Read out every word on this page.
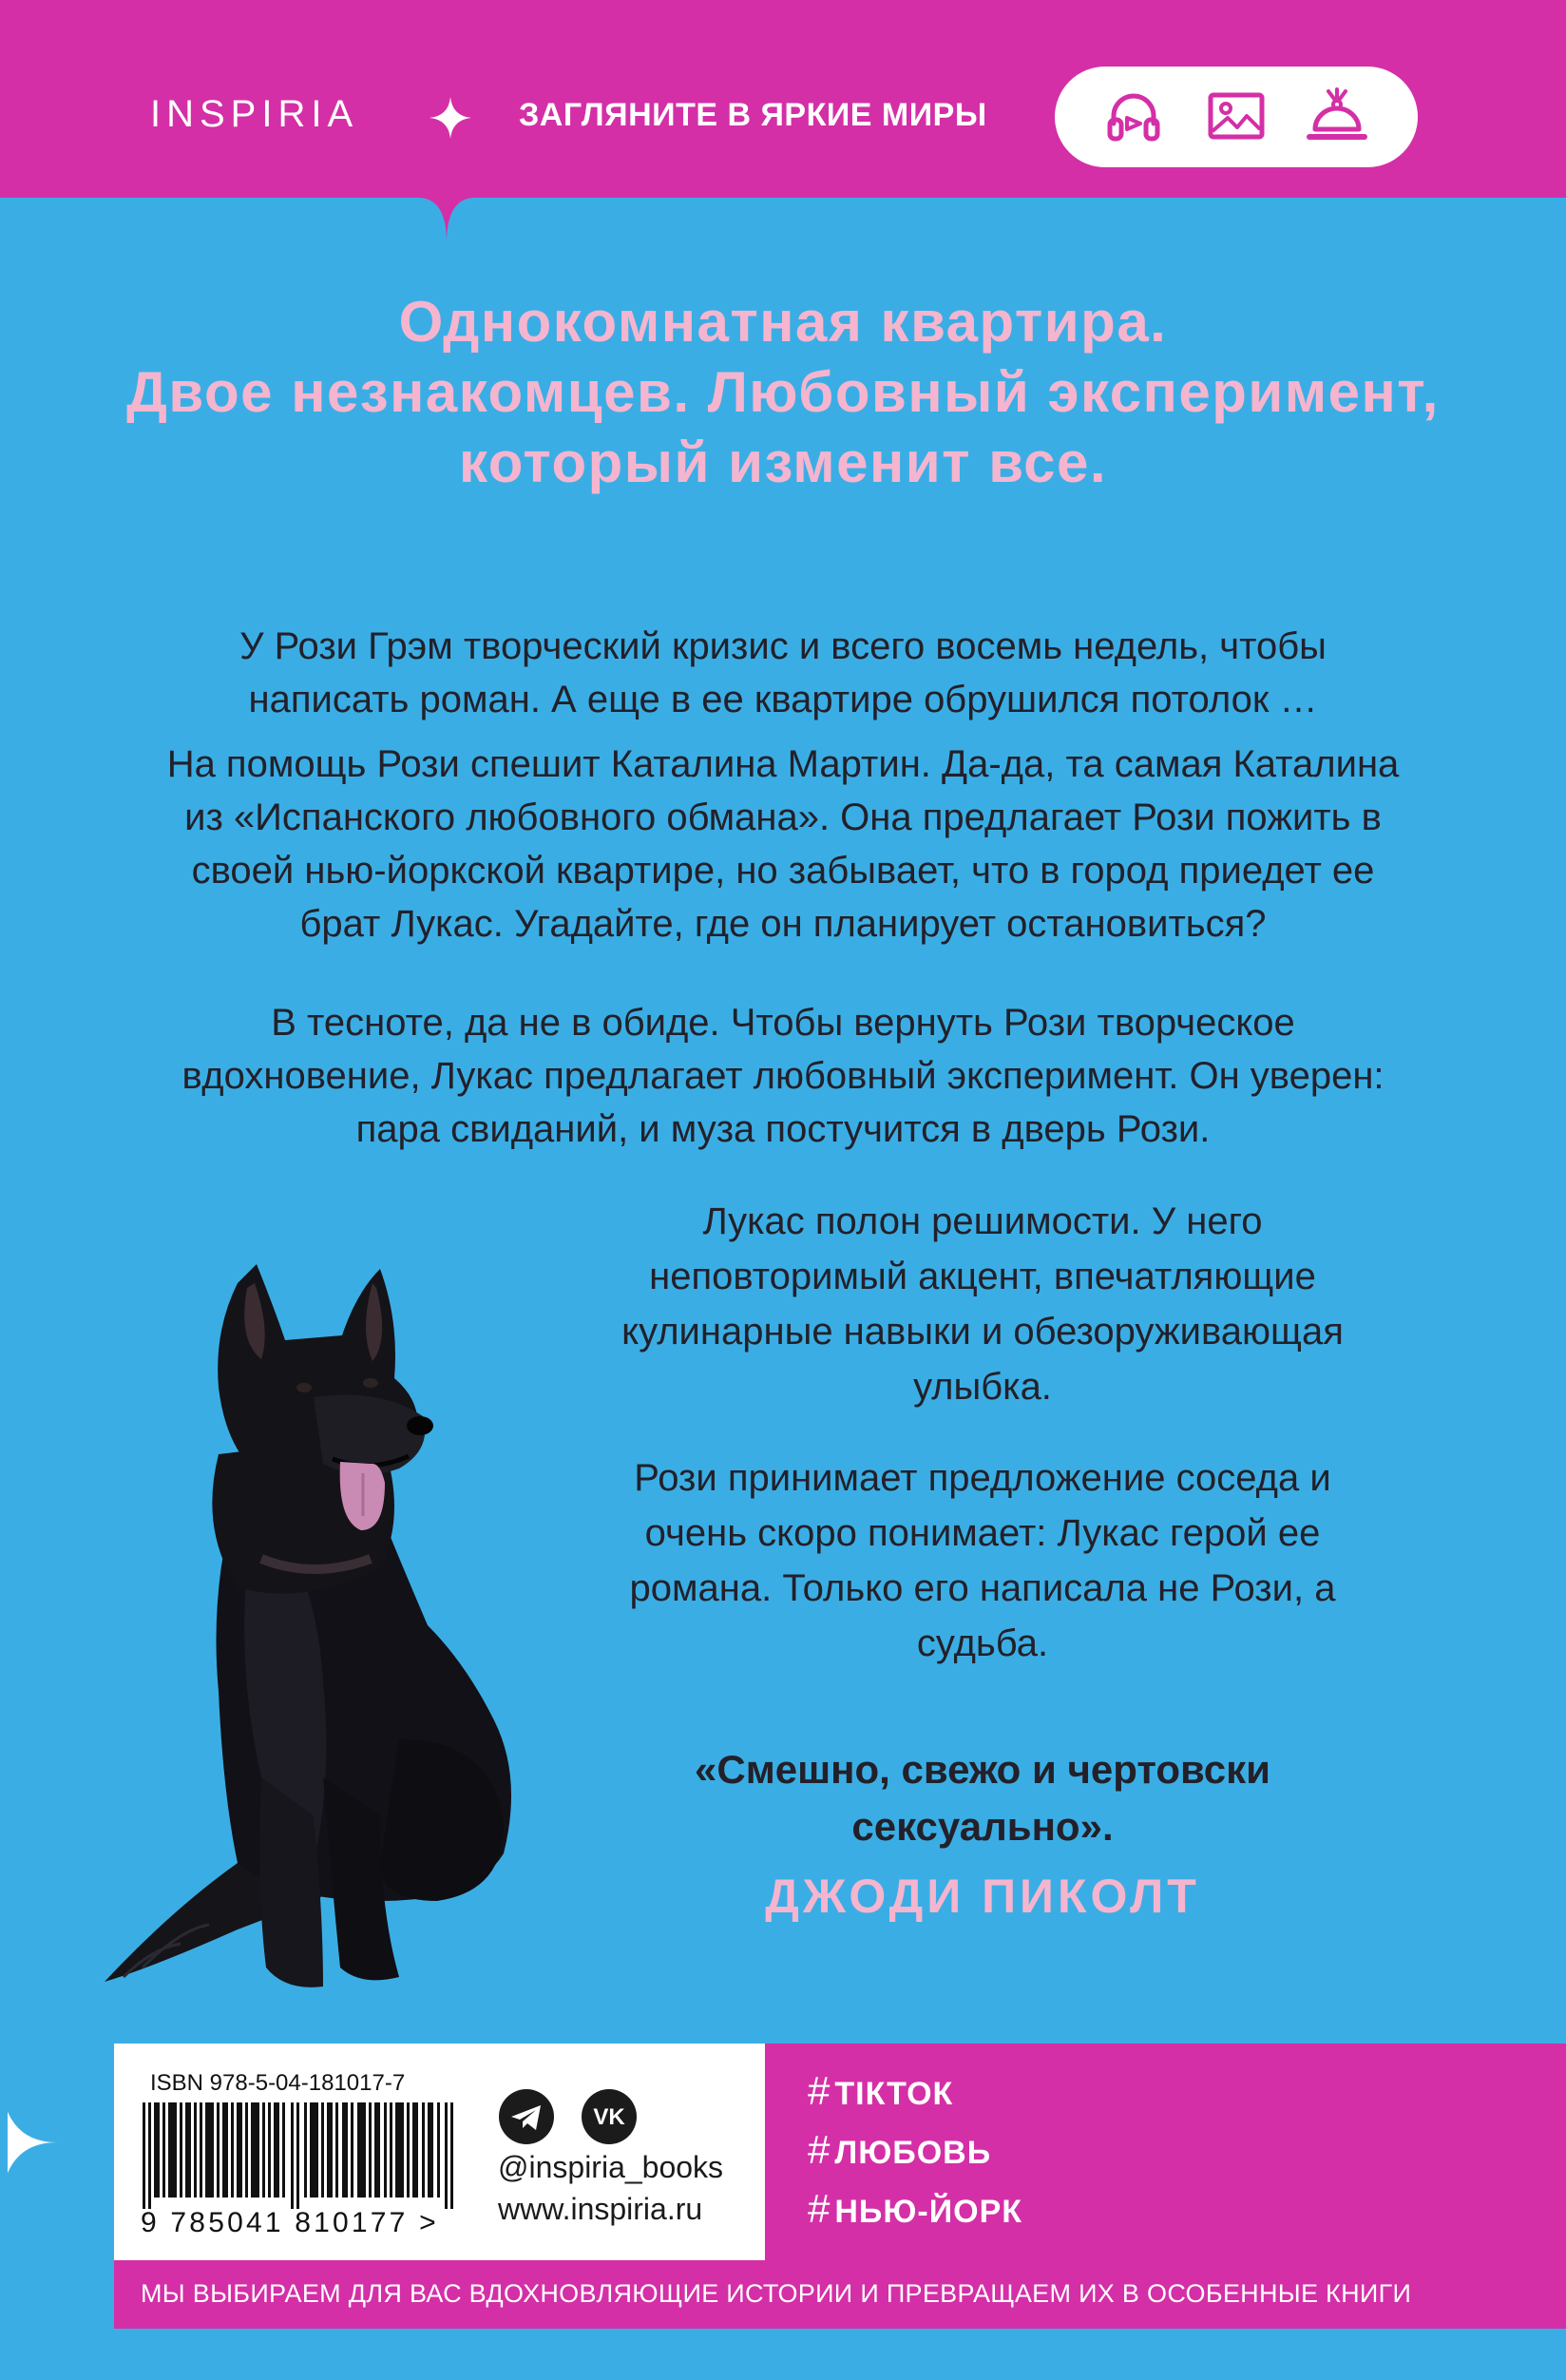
INSPIRIA	ЗАГЛЯНИТЕ В ЯРКИЕ МИРЫ
Однокомнатная квартира.
Двое незнакомцев. Любовный эксперимент,
который изменит все.
У Рози Грэм творческий кризис и всего восемь недель, чтобы
написать роман. А еще в ее квартире обрушился потолок …
На помощь Рози спешит Каталина Мартин. Да-да, та самая Каталина
из «Испанского любовного обмана». Она предлагает Рози пожить в
своей нью-йоркской квартире, но забывает, что в город приедет ее
брат Лукас. Угадайте, где он планирует остановиться?
В тесноте, да не в обиде. Чтобы вернуть Рози творческое
вдохновение, Лукас предлагает любовный эксперимент. Он уверен:
пара свиданий, и муза постучится в дверь Рози.
Лукас полон решимости. У него
неповторимый акцент, впечатляющие
кулинарные навыки и обезоруживающая
улыбка.
Рози принимает предложение соседа и
очень скоро понимает: Лукас герой ее
романа. Только его написала не Рози, а
судьба.
«Смешно, свежо и чертовски
сексуально».
ДЖОДИ ПИКОЛТ
ISBN 978-5-04-181017-7
9 785041 810177 >
VK
@inspiria_books
www.inspiria.ru
# ТIКТОК
# ЛЮБОВЬ
# НЬЮ-ЙОРК
МЫ ВЫБИРАЕМ ДЛЯ ВАС ВДОХНОВЛЯЮЩИЕ ИСТОРИИ И ПРЕВРАЩАЕМ ИХ В ОСОБЕННЫЕ КНИГИ
